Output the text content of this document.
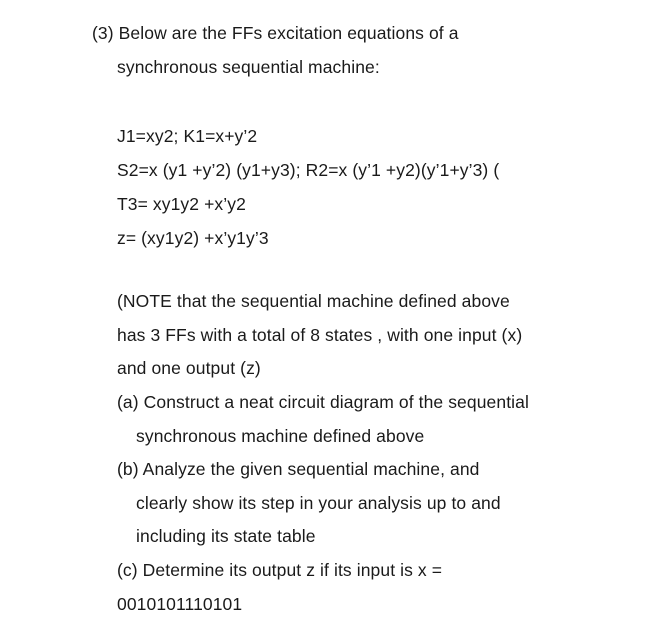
(3) Below are the FFs excitation equations of a
synchronous sequential machine:
J1=xy2; K1=x+y’2
S2=x (y1 +y’2) (y1+y3); R2=x (y’1 +y2)(y’1+y’3) (
T3= xy1y2 +x’y2
z= (xy1y2) +x’y1y’3
(NOTE that the sequential machine defined above
has 3 FFs with a total of 8 states , with one input (x)
and one output (z)
(a) Construct a neat circuit diagram of the sequential
synchronous machine defined above
(b) Analyze the given sequential machine, and
clearly show its step in your analysis up to and
including its state table
(c) Determine its output z if its input is x =
0010101110101
